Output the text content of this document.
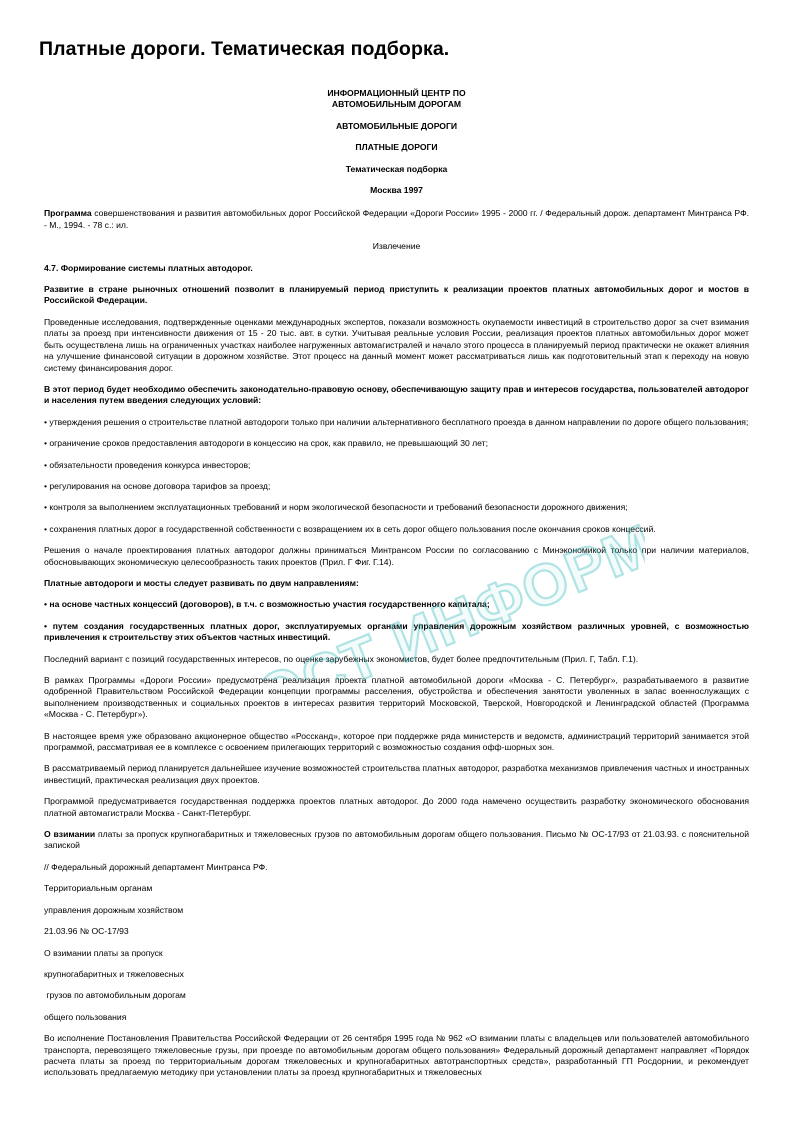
Платные дороги. Тематическая подборка.
ИНФОРМАЦИОННЫЙ ЦЕНТР ПО
АВТОМОБИЛЬНЫМ ДОРОГАМ
АВТОМОБИЛЬНЫЕ ДОРОГИ
ПЛАТНЫЕ ДОРОГИ
Тематическая подборка
Москва 1997

Программа совершенствования и развития автомобильных дорог Российской Федерации «Дороги России» 1995 - 2000 гг. / Федеральный дорож. департамент Минтранса РФ. - М., 1994. - 78 с.: ил.

Извлечение

4.7. Формирование системы платных автодорог.

Развитие в стране рыночных отношений позволит в планируемый период приступить к реализации проектов платных автомобильных дорог и мостов в Российской Федерации.

Проведенные исследования, подтвержденные оценками международных экспертов, показали возможность окупаемости инвестиций в строительство дорог за счет взимания платы за проезд при интенсивности движения от 15 - 20 тыс. авт. в сутки. Учитывая реальные условия России, реализация проектов платных автомобильных дорог может быть осуществлена лишь на ограниченных участках наиболее нагруженных автомагистралей и начало этого процесса в планируемый период практически не окажет влияния на улучшение финансовой ситуации в дорожном хозяйстве. Этот процесс на данный момент может рассматриваться лишь как подготовительный этап к переходу на новую систему финансирования дорог.

В этот период будет необходимо обеспечить законодательно-правовую основу, обеспечивающую защиту прав и интересов государства, пользователей автодорог и населения путем введения следующих условий:

• утверждения решения о строительстве платной автодороги только при наличии альтернативного бесплатного проезда в данном направлении по дороге общего пользования;

• ограничение сроков предоставления автодороги в концессию на срок, как правило, не превышающий 30 лет;

• обязательности проведения конкурса инвесторов;

• регулирования на основе договора тарифов за проезд;

• контроля за выполнением эксплуатационных требований и норм экологической безопасности и требований безопасности дорожного движения;

• сохранения платных дорог в государственной собственности с возвращением их в сеть дорог общего пользования после окончания сроков концессий.

Решения о начале проектирования платных автодорог должны приниматься Минтрансом России по согласованию с Минэкономикой только при наличии материалов, обосновывающих экономическую целесообразность таких проектов (Прил. Г Фиг. Г.14).

Платные автодороги и мосты следует развивать по двум направлениям:

• на основе частных концессий (договоров), в т.ч. с возможностью участия государственного капитала;

• путем создания государственных платных дорог, эксплуатируемых органами управления дорожным хозяйством различных уровней, с возможностью привлечения к строительству этих объектов частных инвестиций.

Последний вариант с позиций государственных интересов, по оценке зарубежных экономистов, будет более предпочтительным (Прил. Г, Табл. Г.1).

В рамках Программы «Дороги России» предусмотрена реализация проекта платной автомобильной дороги «Москва - С. Петербург», разрабатываемого в развитие одобренной Правительством Российской Федерации концепции программы расселения, обустройства и обеспечения занятости уволенных в запас военнослужащих с выполнением производственных и социальных проектов в интересах развития территорий Московской, Тверской, Новгородской и Ленинградской областей (Программа «Москва - С. Петербург»).

В настоящее время уже образовано акционерное общество «Россканд», которое при поддержке ряда министерств и ведомств, администраций территорий занимается этой программой, рассматривая ее в комплексе с освоением прилегающих территорий с возможностью создания офф-шорных зон.

В рассматриваемый период планируется дальнейшее изучение возможностей строительства платных автодорог, разработка механизмов привлечения частных и иностранных инвестиций, практическая реализация двух проектов.

Программой предусматривается государственная поддержка проектов платных автодорог. До 2000 года намечено осуществить разработку экономического обоснования платной автомагистрали Москва - Санкт-Петербург.

О взимании платы за пропуск крупногабаритных и тяжеловесных грузов по автомобильным дорогам общего пользования. Письмо № ОС-17/93 от 21.03.93. с пояснительной запиской

// Федеральный дорожный департамент Минтранса РФ.

Территориальным органам

управления дорожным хозяйством

21.03.96 № ОС-17/93

О взимании платы за пропуск

крупногабаритных и тяжеловесных

грузов по автомобильным дорогам

общего пользования

Во исполнение Постановления Правительства Российской Федерации от 26 сентября 1995 года № 962 «О взимании платы с владельцев или пользователей автомобильного транспорта, перевозящего тяжеловесные грузы, при проезде по автомобильным дорогам общего пользования» Федеральный дорожный департамент направляет «Порядок расчета платы за проезд по территориальным дорогам тяжеловесных и крупногабаритных автотранспортных средств», разработанный ГП Росдорнии, и рекомендует использовать предлагаемую методику при установлении платы за проезд крупногабаритных и тяжеловесных

ИНФОРМ.РУ
